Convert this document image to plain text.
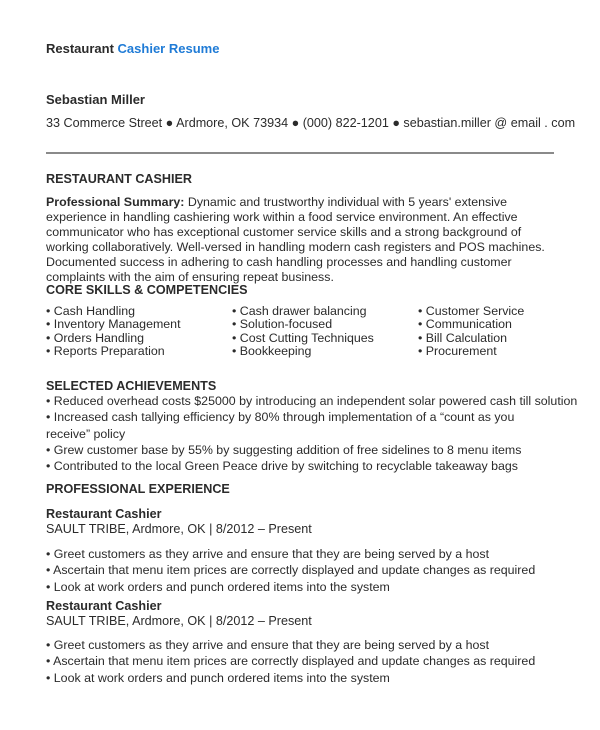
Restaurant Cashier Resume
Sebastian Miller
33 Commerce Street ● Ardmore, OK 73934 ● (000) 822-1201 ● sebastian.miller @ email . com
RESTAURANT CASHIER
Professional Summary: Dynamic and trustworthy individual with 5 years' extensive experience in handling cashiering work within a food service environment. An effective communicator who has exceptional customer service skills and a strong background of working collaboratively. Well-versed in handling modern cash registers and POS machines. Documented success in adhering to cash handling processes and handling customer complaints with the aim of ensuring repeat business.
CORE SKILLS & COMPETENCIES
• Cash Handling	• Cash drawer balancing	• Customer Service
• Inventory Management	• Solution-focused	• Communication
• Orders Handling	• Cost Cutting Techniques	• Bill Calculation
• Reports Preparation	• Bookkeeping	• Procurement
SELECTED ACHIEVEMENTS
• Reduced overhead costs $25000 by introducing an independent solar powered cash till solution
• Increased cash tallying efficiency by 80% through implementation of a “count as you receive” policy
• Grew customer base by 55% by suggesting addition of free sidelines to 8 menu items
• Contributed to the local Green Peace drive by switching to recyclable takeaway bags
PROFESSIONAL EXPERIENCE
Restaurant Cashier
SAULT TRIBE, Ardmore, OK | 8/2012 – Present
• Greet customers as they arrive and ensure that they are being served by a host
• Ascertain that menu item prices are correctly displayed and update changes as required
• Look at work orders and punch ordered items into the system
Restaurant Cashier
SAULT TRIBE, Ardmore, OK | 8/2012 – Present
• Greet customers as they arrive and ensure that they are being served by a host
• Ascertain that menu item prices are correctly displayed and update changes as required
• Look at work orders and punch ordered items into the system
